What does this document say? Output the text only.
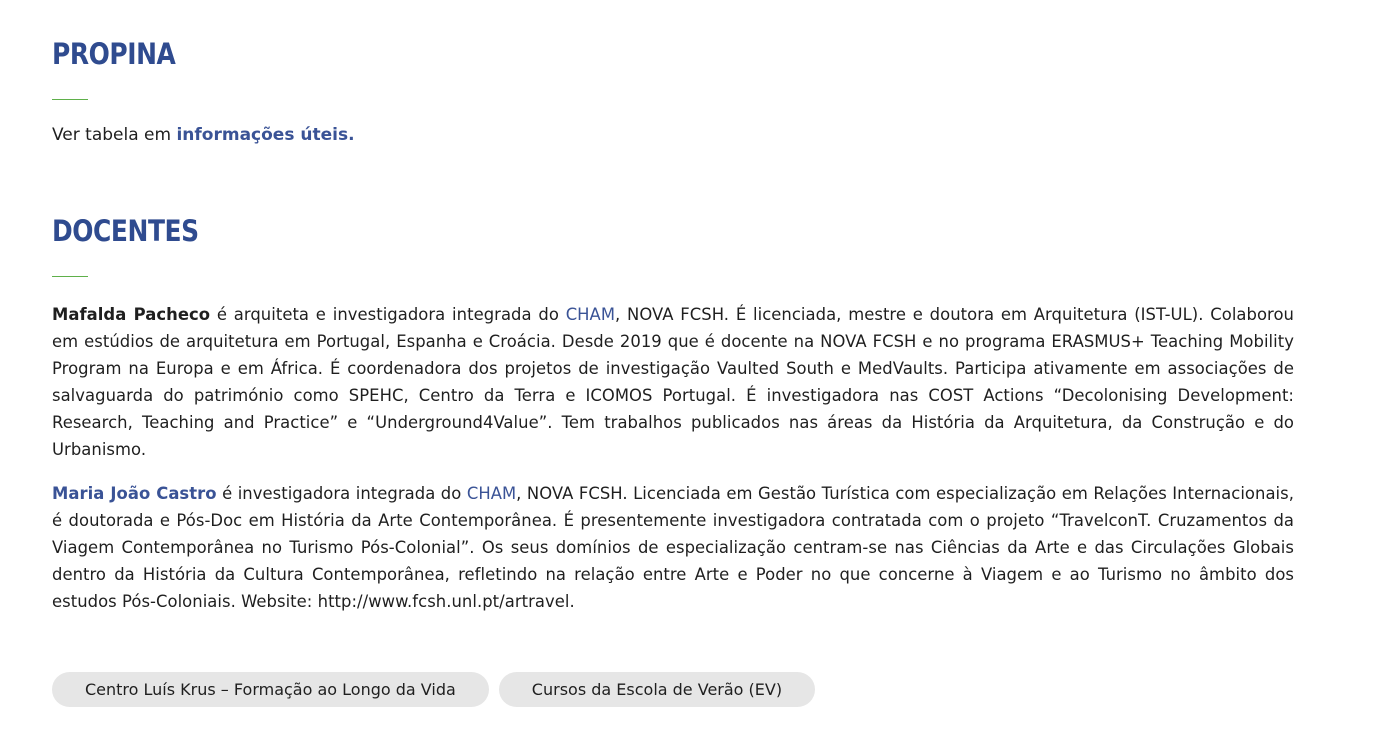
PROPINA

Ver tabela em informações úteis.

DOCENTES

Mafalda Pacheco é arquiteta e investigadora integrada do CHAM, NOVA FCSH. É licenciada, mestre e doutora em Arquitetura (IST-UL). Colaborou em estúdios de arquitetura em Portugal, Espanha e Croácia. Desde 2019 que é docente na NOVA FCSH e no programa ERASMUS+ Teaching Mobility Program na Europa e em África. É coordenadora dos projetos de investigação Vaulted South e MedVaults. Participa ativamente em associações de salvaguarda do património como SPEHC, Centro da Terra e ICOMOS Portugal. É investigadora nas COST Actions “Decolonising Development: Research, Teaching and Practice” e “Underground4Value”. Tem trabalhos publicados nas áreas da História da Arquitetura, da Construção e do Urbanismo.

Maria João Castro é investigadora integrada do CHAM, NOVA FCSH. Licenciada em Gestão Turística com especialização em Relações Internacionais, é doutorada e Pós-Doc em História da Arte Contemporânea. É presentemente investigadora contratada com o projeto “TravelconT. Cruzamentos da Viagem Contemporânea no Turismo Pós-Colonial”. Os seus domínios de especialização centram-se nas Ciências da Arte e das Circulações Globais dentro da História da Cultura Contemporânea, refletindo na relação entre Arte e Poder no que concerne à Viagem e ao Turismo no âmbito dos estudos Pós-Coloniais. Website: http://www.fcsh.unl.pt/artravel.

Centro Luís Krus – Formação ao Longo da Vida	Cursos da Escola de Verão (EV)
